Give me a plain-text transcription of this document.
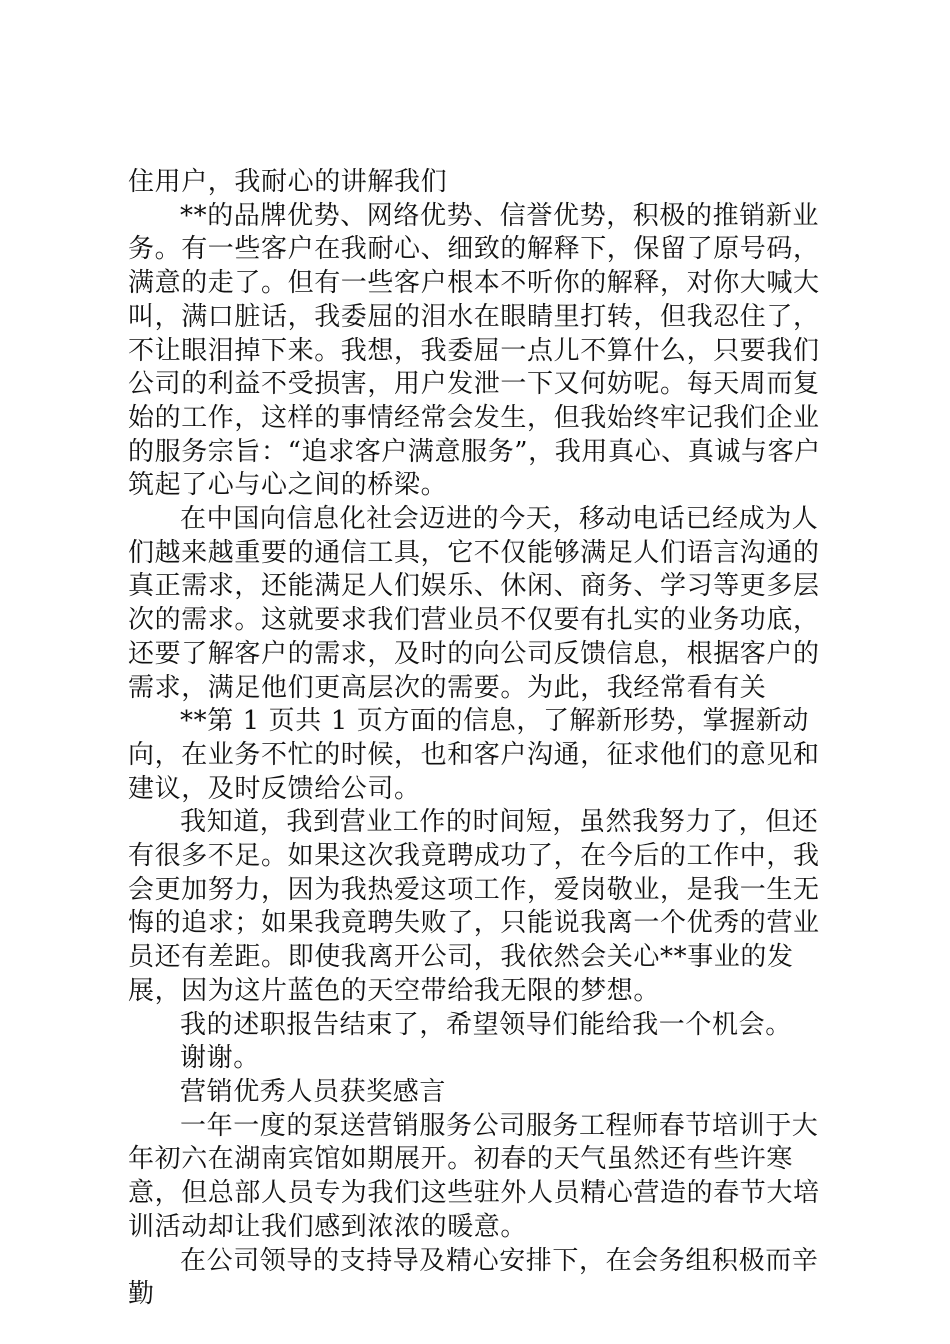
住用户，我耐心的讲解我们

**的品牌优势、网络优势、信誉优势，积极的推销新业务。有一些客户在我耐心、细致的解释下，保留了原号码，满意的走了。但有一些客户根本不听你的解释，对你大喊大叫，满口脏话，我委屈的泪水在眼睛里打转，但我忍住了，不让眼泪掉下来。我想，我委屈一点儿不算什么，只要我们公司的利益不受损害，用户发泄一下又何妨呢。每天周而复始的工作，这样的事情经常会发生，但我始终牢记我们企业的服务宗旨：“追求客户满意服务”，我用真心、真诚与客户筑起了心与心之间的桥梁。

在中国向信息化社会迈进的今天，移动电话已经成为人们越来越重要的通信工具，它不仅能够满足人们语言沟通的真正需求，还能满足人们娱乐、休闲、商务、学习等更多层次的需求。这就要求我们营业员不仅要有扎实的业务功底，还要了解客户的需求，及时的向公司反馈信息，根据客户的需求，满足他们更高层次的需要。为此，我经常看有关

**第 1 页共 1 页方面的信息，了解新形势，掌握新动向，在业务不忙的时候，也和客户沟通，征求他们的意见和建议，及时反馈给公司。

我知道，我到营业工作的时间短，虽然我努力了，但还有很多不足。如果这次我竟聘成功了，在今后的工作中，我会更加努力，因为我热爱这项工作，爱岗敬业，是我一生无悔的追求；如果我竟聘失败了，只能说我离一个优秀的营业员还有差距。即使我离开公司，我依然会关心**事业的发展，因为这片蓝色的天空带给我无限的梦想。

我的述职报告结束了，希望领导们能给我一个机会。

谢谢。

营销优秀人员获奖感言

一年一度的泵送营销服务公司服务工程师春节培训于大年初六在湖南宾馆如期展开。初春的天气虽然还有些许寒意，但总部人员专为我们这些驻外人员精心营造的春节大培训活动却让我们感到浓浓的暖意。

在公司领导的支持导及精心安排下，在会务组积极而辛勤
